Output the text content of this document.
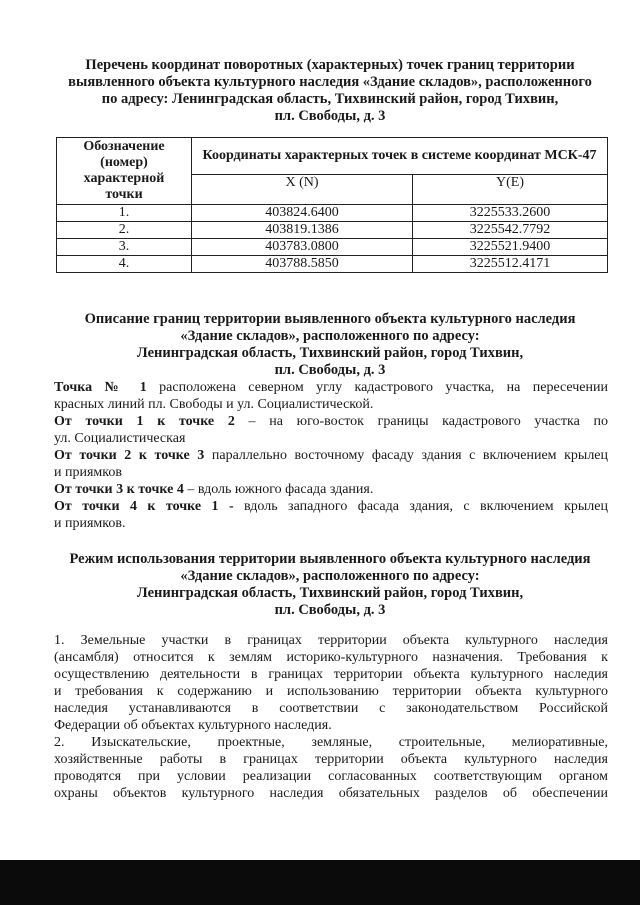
Перечень координат поворотных (характерных) точек границ территории
выявленного объекта культурного наследия «Здание складов», расположенного
по адресу: Ленинградская область, Тихвинский район, город Тихвин,
пл. Свободы, д. 3
Обозначение
(номер)
характерной
точки	Координаты характерных точек в системе координат МСК-47	
	X (N)	Y(E)
1.	403824.6400	3225533.2600
2.	403819.1386	3225542.7792
3.	403783.0800	3225521.9400
4.	403788.5850	3225512.4171
Описание границ территории выявленного объекта культурного наследия
«Здание складов», расположенного по адресу:
Ленинградская область, Тихвинский район, город Тихвин,
пл. Свободы, д. 3
Точка № 1 расположена северном углу кадастрового участка, на пересечении
красных линий пл. Свободы и ул. Социалистической.
От точки 1 к точке 2 – на юго-восток границы кадастрового участка по
ул. Социалистическая
От точки 2 к точке 3 параллельно восточному фасаду здания с включением крылец
и приямков
От точки 3 к точке 4 – вдоль южного фасада здания.
От точки 4 к точке 1 - вдоль западного фасада здания, с включением крылец
и приямков.
Режим использования территории выявленного объекта культурного наследия
«Здание складов», расположенного по адресу:
Ленинградская область, Тихвинский район, город Тихвин,
пл. Свободы, д. 3
1. Земельные участки в границах территории объекта культурного наследия
(ансамбля) относится к землям историко-культурного назначения. Требования к
осуществлению деятельности в границах территории объекта культурного наследия
и требования к содержанию и использованию территории объекта культурного
наследия устанавливаются в соответствии с законодательством Российской
Федерации об объектах культурного наследия.
2. Изыскательские, проектные, земляные, строительные, мелиоративные,
хозяйственные работы в границах территории объекта культурного наследия
проводятся при условии реализации согласованных соответствующим органом
охраны объектов культурного наследия обязательных разделов об обеспечении
